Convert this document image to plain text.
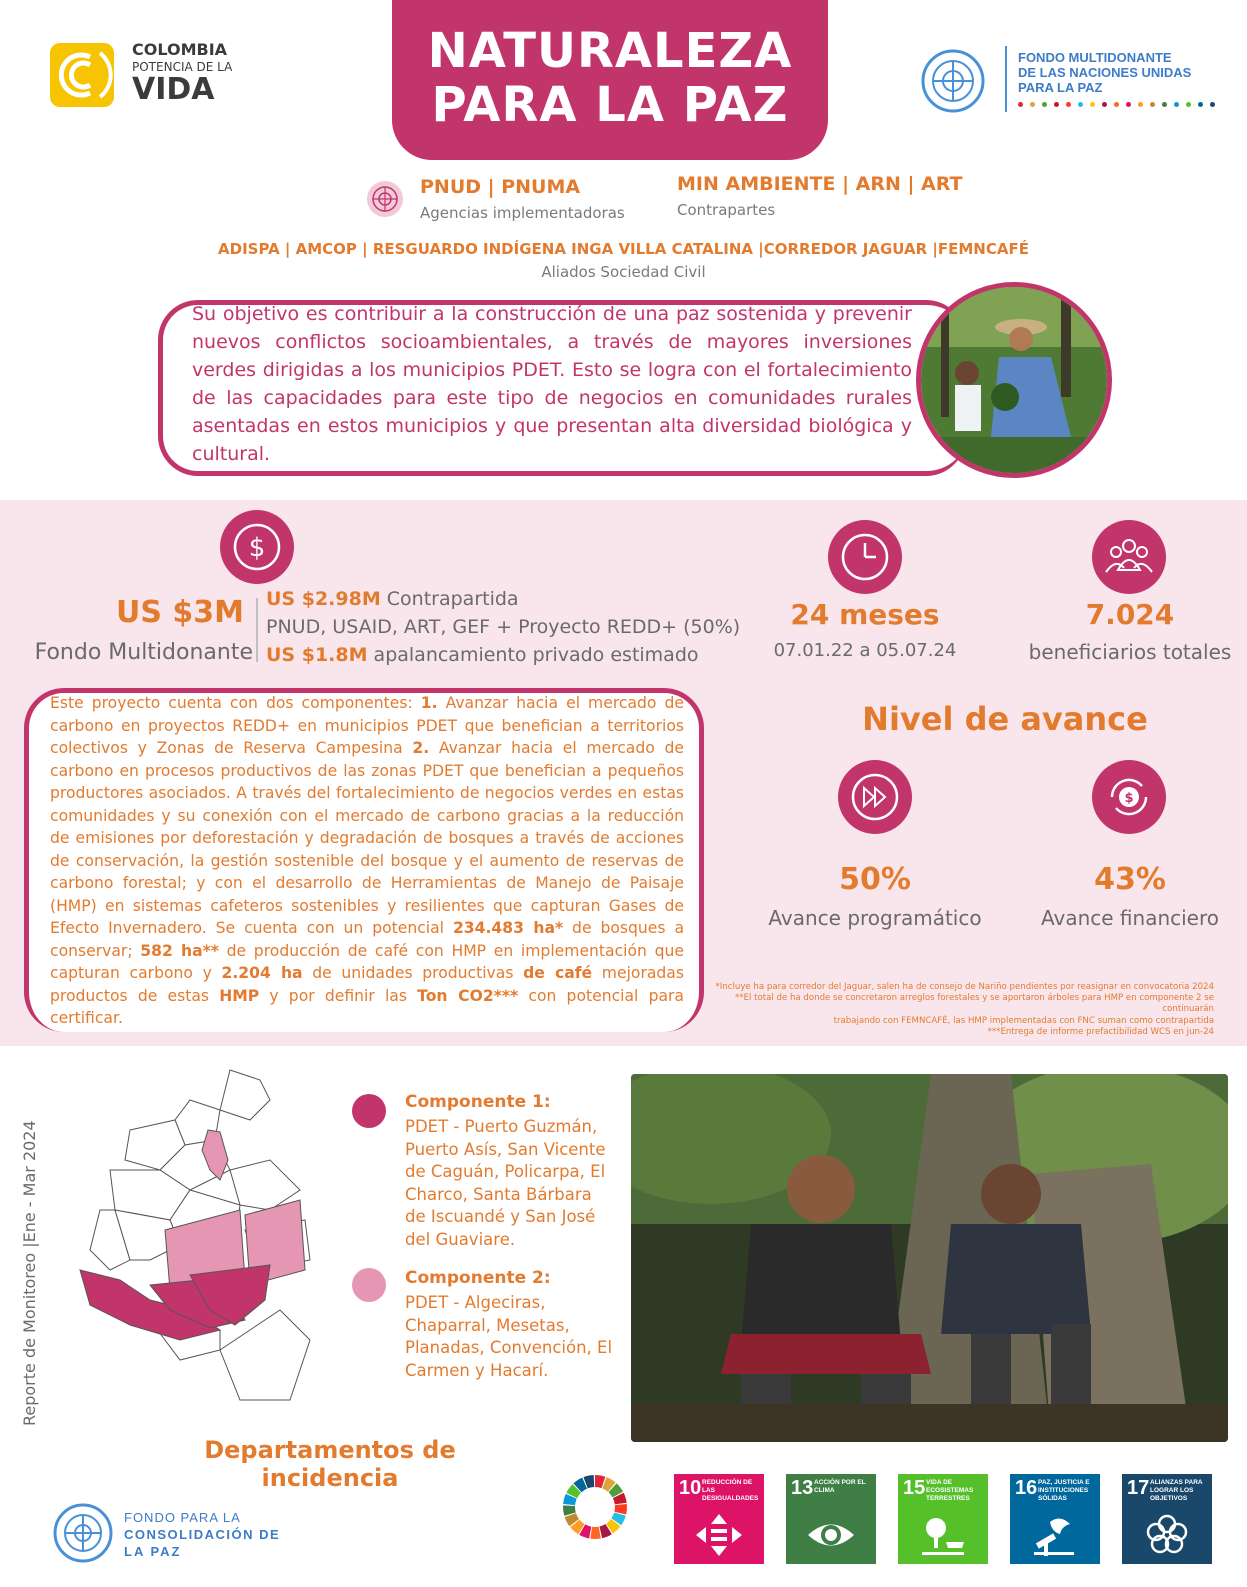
COLOMBIA
POTENCIA DE LA
VIDA
NATURALEZA
PARA LA PAZ
FONDO MULTIDONANTE
DE LAS NACIONES UNIDAS
PARA LA PAZ
PNUD | PNUMA
Agencias implementadoras
MIN AMBIENTE | ARN | ART
Contrapartes
ADISPA | AMCOP | RESGUARDO INDÍGENA INGA VILLA CATALINA |CORREDOR JAGUAR |FEMNCAFÉ
Aliados Sociedad Civil
Su objetivo es contribuir a la construcción de una paz sostenida y prevenir nuevos conflictos socioambientales, a través de mayores inversiones verdes dirigidas a los municipios PDET. Esto se logra con el fortalecimiento de las capacidades para este tipo de negocios en comunidades rurales asentadas en estos municipios y que presentan alta diversidad biológica y cultural.
$
US $3M
Fondo Multidonante
US $2.98M Contrapartida
PNUD, USAID, ART, GEF + Proyecto REDD+ (50%)
US $1.8M apalancamiento privado estimado
Este proyecto cuenta con dos componentes: 1. Avanzar hacia el mercado de carbono en proyectos REDD+ en municipios PDET que benefician a territorios colectivos y Zonas de Reserva Campesina 2. Avanzar hacia el mercado de carbono en procesos productivos de las zonas PDET que benefician a pequeños productores asociados. A través del fortalecimiento de negocios verdes en estas comunidades y su conexión con el mercado de carbono gracias a la reducción de emisiones por deforestación y degradación de bosques a través de acciones de conservación, la gestión sostenible del bosque y el aumento de reservas de carbono forestal; y con el desarrollo de Herramientas de Manejo de Paisaje (HMP) en sistemas cafeteros sostenibles y resilientes que capturan Gases de Efecto Invernadero. Se cuenta con un potencial 234.483 ha* de bosques a conservar; 582 ha** de producción de café con HMP en implementación que capturan carbono y 2.204 ha de unidades productivas de café mejoradas productos de estas HMP y por definir las Ton CO2*** con potencial para certificar.
24 meses
07.01.22 a 05.07.24
7.024
beneficiarios totales
Nivel de avance
50%
Avance programático
$
43%
Avance financiero
*Incluye ha para corredor del Jaguar, salen ha de consejo de Nariño pendientes por reasignar en convocatoria 2024
**El total de ha donde se concretaron arreglos forestales y se aportaron árboles para HMP en componente 2 se continuarán
trabajando con FEMNCAFÉ, las HMP implementadas con FNC suman como contrapartida
***Entrega de informe prefactibilidad WCS en jun-24
Reporte de Monitoreo |Ene - Mar 2024
Componente 1:
PDET - Puerto Guzmán, Puerto Asís, San Vicente de Caguán, Policarpa, El Charco, Santa Bárbara de Iscuandé y San José del Guaviare.
Componente 2:
PDET - Algeciras, Chaparral, Mesetas, Planadas, Convención, El Carmen y Hacarí.
Departamentos de incidencia
FONDO PARA LA
CONSOLIDACIÓN DE
LA PAZ
10 REDUCCIÓN DE LAS DESIGUALDADES 13 ACCIÓN POR EL CLIMA	15 VIDA DE ECOSISTEMAS TERRESTRES	16 PAZ, JUSTICIA E INSTITUCIONES SÓLIDAS	17 ALIANZAS PARA LOGRAR LOS OBJETIVOS
